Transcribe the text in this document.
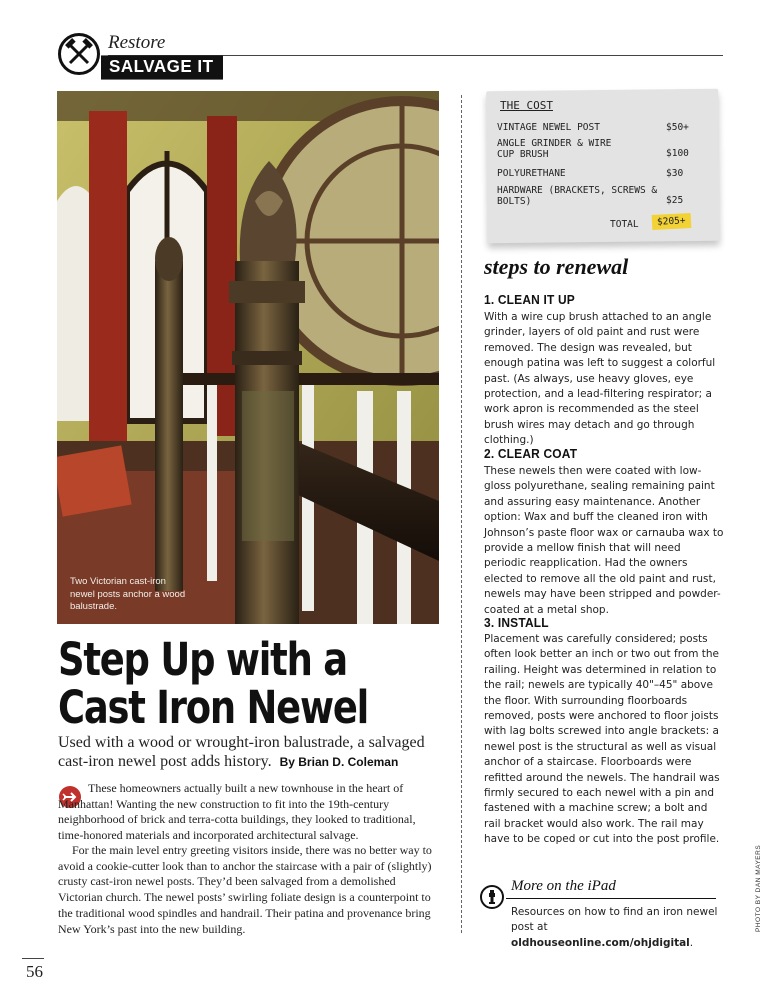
Restore
SALVAGE IT
Two Victorian cast-iron newel posts anchor a wood balustrade.
Step Up with a
Cast Iron Newel
Used with a wood or wrought-iron balustrade, a salvaged cast-iron newel post adds history. By Brian D. Coleman
These homeowners actually built a new townhouse in the heart of Manhattan! Wanting the new construction to fit into the 19th-century neighborhood of brick and terra-cotta buildings, they looked to traditional, time-honored materials and incorporated architectural salvage.
For the main level entry greeting visitors inside, there was no better way to avoid a cookie-cutter look than to anchor the staircase with a pair of (slightly) crusty cast-iron newel posts. They’d been salvaged from a demolished Victorian church. The newel posts’ swirling foliate design is a counterpoint to the traditional wood spindles and handrail. Their patina and provenance bring New York’s past into the new building.
THE COST
VINTAGE NEWEL POST	$50+
ANGLE GRINDER & WIRE CUP BRUSH	$100
POLYURETHANE	$30
HARDWARE (BRACKETS, SCREWS & BOLTS)	$25
TOTAL	$205+
steps to renewal
1. CLEAN IT UP
With a wire cup brush attached to an angle grinder, layers of old paint and rust were removed. The design was revealed, but enough patina was left to suggest a colorful past. (As always, use heavy gloves, eye protection, and a lead-filtering respirator; a work apron is recommended as the steel brush wires may detach and go through clothing.)
2. CLEAR COAT
These newels then were coated with low-gloss polyurethane, sealing remaining paint and assuring easy maintenance. Another option: Wax and buff the cleaned iron with Johnson’s paste floor wax or carnauba wax to provide a mellow finish that will need periodic reapplication. Had the owners elected to remove all the old paint and rust, newels may have been stripped and powder-coated at a metal shop.
3. INSTALL
Placement was carefully considered; posts often look better an inch or two out from the railing. Height was determined in relation to the rail; newels are typically 40"–45" above the floor. With surrounding floorboards removed, posts were anchored to floor joists with lag bolts screwed into angle brackets: a newel post is the structural as well as visual anchor of a staircase. Floorboards were refitted around the newels. The handrail was firmly secured to each newel with a pin and fastened with a machine screw; a bolt and rail bracket would also work. The rail may have to be coped or cut into the post profile.
More on the iPad
Resources on how to find an iron newel post at oldhouseonline.com/ohjdigital.
PHOTO BY DAN MAYERS
56
